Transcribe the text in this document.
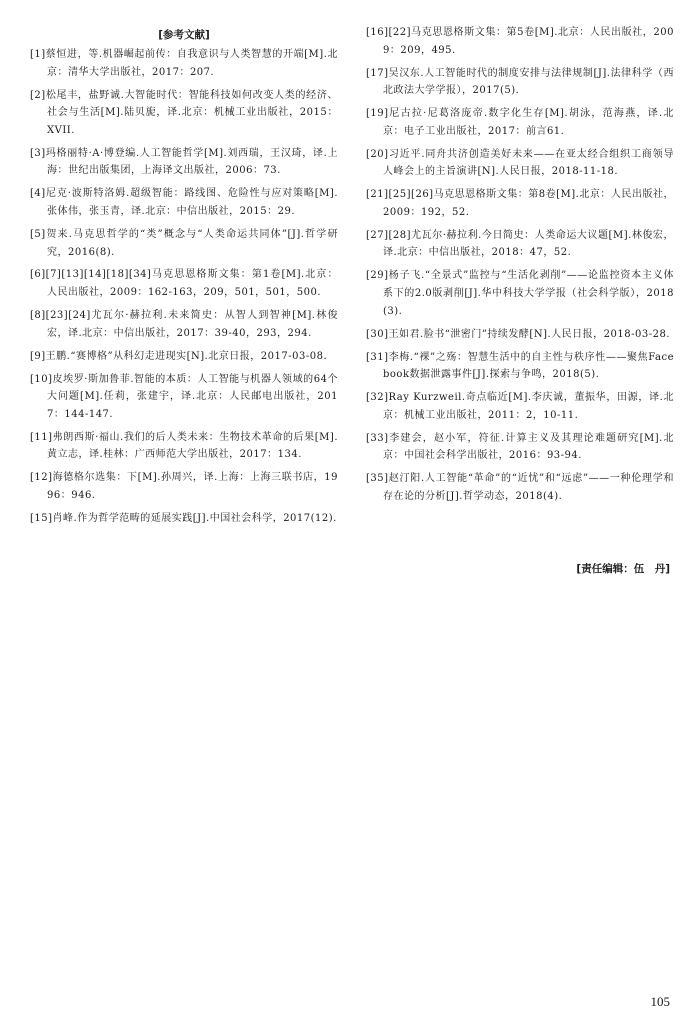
[参考文献]
[1]蔡恒进，等.机器崛起前传：自我意识与人类智慧的开端[M].北京：清华大学出版社，2017：207.
[2]松尾丰，盐野诚.大智能时代：智能科技如何改变人类的经济、社会与生活[M].陆贝旎，译.北京：机械工业出版社，2015：XVII.
[3]玛格丽特·A·博登编.人工智能哲学[M].刘西瑞，王汉琦，译.上海：世纪出版集团，上海译文出版社，2006：73.
[4]尼克·波斯特洛姆.超级智能：路线图、危险性与应对策略[M].张体伟，张玉青，译.北京：中信出版社，2015：29.
[5]贺来.马克思哲学的“类”概念与“人类命运共同体”[J].哲学研究，2016(8).
[6][7][13][14][18][34]马克思恩格斯文集：第1卷[M].北京：人民出版社，2009：162-163，209，501，501，500.
[8][23][24]尤瓦尔·赫拉利.未来简史：从智人到智神[M].林俊宏，译.北京：中信出版社，2017：39-40，293，294.
[9]王鹏.“赛博格”从科幻走进现实[N].北京日报，2017-03-08.
[10]皮埃罗·斯加鲁菲.智能的本质：人工智能与机器人领域的64个大问题[M].任莉，张建宇，译.北京：人民邮电出版社，2017：144-147.
[11]弗朗西斯·福山.我们的后人类未来：生物技术革命的后果[M].黄立志，译.桂林：广西师范大学出版社，2017：134.
[12]海德格尔选集：下[M].孙周兴，译.上海：上海三联书店，1996：946.
[15]肖峰.作为哲学范畴的延展实践[J].中国社会科学，2017(12).
[16][22]马克思恩格斯文集：第5卷[M].北京：人民出版社，2009：209，495.
[17]吴汉东.人工智能时代的制度安排与法律规制[J].法律科学（西北政法大学学报），2017(5).
[19]尼古拉·尼葛洛庞帝.数字化生存[M].胡泳，范海燕，译.北京：电子工业出版社，2017：前言61.
[20]习近平.同舟共济创造美好未来——在亚太经合组织工商领导人峰会上的主旨演讲[N].人民日报，2018-11-18.
[21][25][26]马克思恩格斯文集：第8卷[M].北京：人民出版社，2009：192，52.
[27][28]尤瓦尔·赫拉利.今日简史：人类命运大议题[M].林俊宏，译.北京：中信出版社，2018：47，52.
[29]杨子飞.“全景式”监控与“生活化剥削”——论监控资本主义体系下的2.0版剥削[J].华中科技大学学报（社会科学版），2018(3).
[30]王如君.脸书“泄密门”持续发酵[N].人民日报，2018-03-28.
[31]李梅.“裸”之殇：智慧生活中的自主性与秩序性——聚焦Facebook数据泄露事件[J].探索与争鸣，2018(5).
[32]Ray Kurzweil.奇点临近[M].李庆诚，董振华，田源，译.北京：机械工业出版社，2011：2，10-11.
[33]李建会，赵小军，符征.计算主义及其理论难题研究[M].北京：中国社会科学出版社，2016：93-94.
[35]赵汀阳.人工智能“革命”的“近忧”和“远虑”——一种伦理学和存在论的分析[J].哲学动态，2018(4).
[责任编辑：伍　丹]
105
